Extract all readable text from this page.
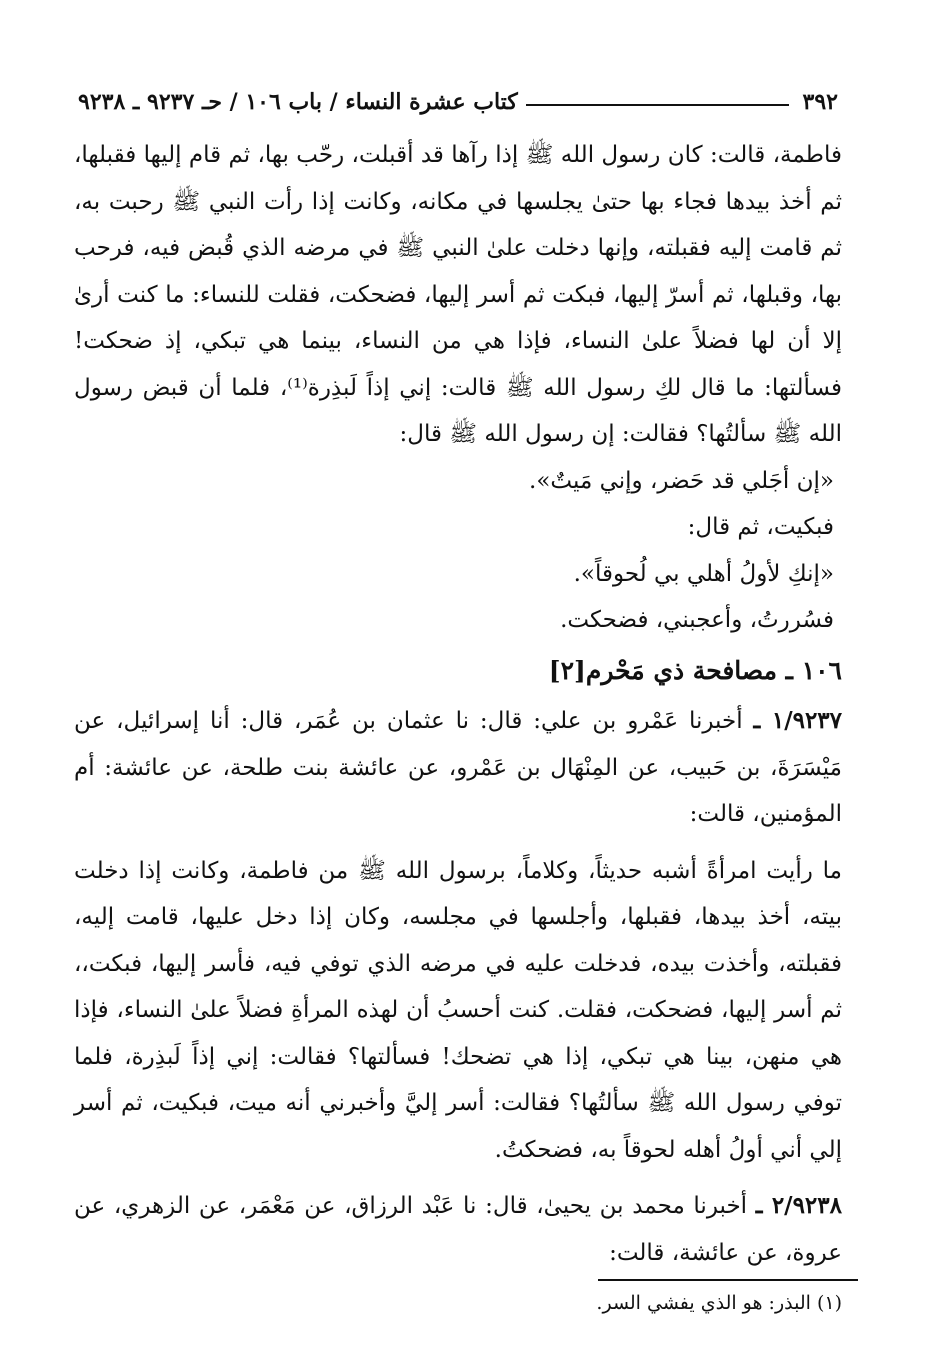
٣٩٢
كتاب عشرة النساء / باب ١٠٦ / حـ ٩٢٣٧ ـ ٩٢٣٨

فاطمة، قالت: كان رسول الله ﷺ إذا رآها قد أقبلت، رحّب بها، ثم قام إليها فقبلها، ثم أخذ بيدها فجاء بها حتىٰ يجلسها في مكانه، وكانت إذا رأت النبي ﷺ رحبت به، ثم قامت إليه فقبلته، وإنها دخلت علىٰ النبي ﷺ في مرضه الذي قُبض فيه، فرحب بها، وقبلها، ثم أسرّ إليها، فبكت ثم أسر إليها، فضحكت، فقلت للنساء: ما كنت أرىٰ إلا أن لها فضلاً علىٰ النساء، فإذا هي من النساء، بينما هي تبكي، إذ ضحكت! فسألتها: ما قال لكِ رسول الله ﷺ قالت: إني إذاً لَبذِرة⁽¹⁾، فلما أن قبض رسول الله ﷺ سألتُها؟ فقالت: إن رسول الله ﷺ قال:

«إن أجَلي قد حَضر، وإني مَيتٌ».

فبكيت، ثم قال:

«إنكِ لأولُ أهلي بي لُحوقاً».

فسُررتُ، وأعجبني، فضحكت.

١٠٦ ـ مصافحة ذي مَحْرم[٢]

١/٩٢٣٧ ـ أخبرنا عَمْرو بن علي: قال: نا عثمان بن عُمَر، قال: أنا إسرائيل، عن مَيْسَرَةَ، بن حَبيب، عن المِنْهَال بن عَمْرو، عن عائشة بنت طلحة، عن عائشة: أم المؤمنين، قالت:

ما رأيت امرأةً أشبه حديثاً، وكلاماً، برسول الله ﷺ من فاطمة، وكانت إذا دخلت بيته، أخذ بيدها، فقبلها، وأجلسها في مجلسه، وكان إذا دخل عليها، قامت إليه، فقبلته، وأخذت بيده، فدخلت عليه في مرضه الذي توفي فيه، فأسر إليها، فبكت،، ثم أسر إليها، فضحكت، فقلت. كنت أحسبُ أن لهذه المرأةِ فضلاً علىٰ النساء، فإذا هي منهن، بينا هي تبكي، إذا هي تضحك! فسألتها؟ فقالت: إني إذاً لَبذِرة، فلما توفي رسول الله ﷺ سألتُها؟ فقالت: أسر إليَّ وأخبرني أنه ميت، فبكيت، ثم أسر إلي أني أولُ أهله لحوقاً به، فضحكتُ.

٢/٩٢٣٨ ـ أخبرنا محمد بن يحيىٰ، قال: نا عَبْد الرزاق، عن مَعْمَر، عن الزهري، عن عروة، عن عائشة، قالت:

(١) البذر: هو الذي يفشي السر.
